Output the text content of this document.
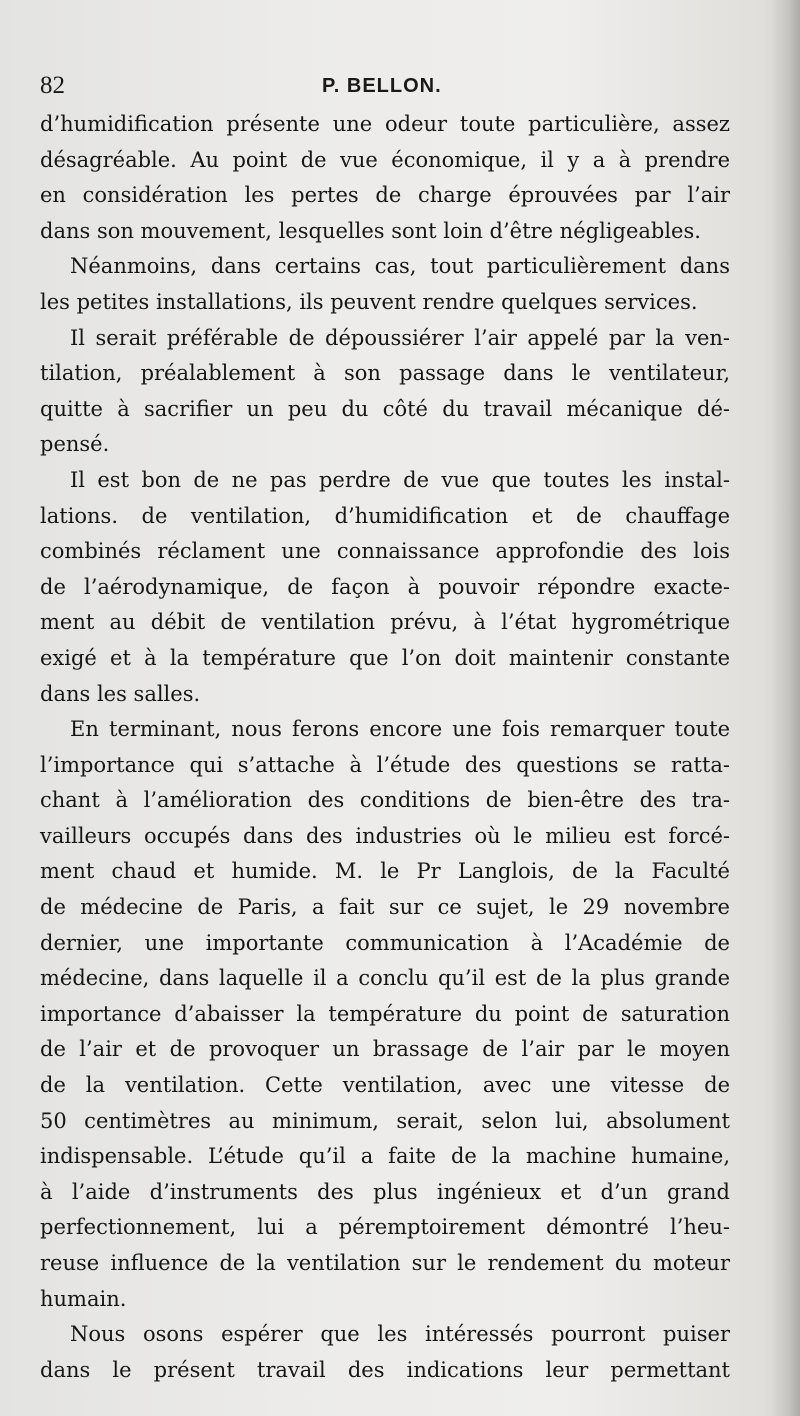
82	P. BELLON.
d’humidification présente une odeur toute particulière, assez
désagréable. Au point de vue économique, il y a à prendre
en considération les pertes de charge éprouvées par l’air
dans son mouvement, lesquelles sont loin d’être négligeables.
Néanmoins, dans certains cas, tout particulièrement dans
les petites installations, ils peuvent rendre quelques services.
Il serait préférable de dépoussiérer l’air appelé par la ven-
tilation, préalablement à son passage dans le ventilateur,
quitte à sacrifier un peu du côté du travail mécanique dé-
pensé.
Il est bon de ne pas perdre de vue que toutes les instal-
lations. de ventilation, d’humidification et de chauffage
combinés réclament une connaissance approfondie des lois
de l’aérodynamique, de façon à pouvoir répondre exacte-
ment au débit de ventilation prévu, à l’état hygrométrique
exigé et à la température que l’on doit maintenir constante
dans les salles.
En terminant, nous ferons encore une fois remarquer toute
l’importance qui s’attache à l’étude des questions se ratta-
chant à l’amélioration des conditions de bien-être des tra-
vailleurs occupés dans des industries où le milieu est forcé-
ment chaud et humide. M. le Pr Langlois, de la Faculté
de médecine de Paris, a fait sur ce sujet, le 29 novembre
dernier, une importante communication à l’Académie de
médecine, dans laquelle il a conclu qu’il est de la plus grande
importance d’abaisser la température du point de saturation
de l’air et de provoquer un brassage de l’air par le moyen
de la ventilation. Cette ventilation, avec une vitesse de
50 centimètres au minimum, serait, selon lui, absolument
indispensable. L’étude qu’il a faite de la machine humaine,
à l’aide d’instruments des plus ingénieux et d’un grand
perfectionnement, lui a péremptoirement démontré l’heu-
reuse influence de la ventilation sur le rendement du moteur
humain.
Nous osons espérer que les intéressés pourront puiser
dans le présent travail des indications leur permettant
